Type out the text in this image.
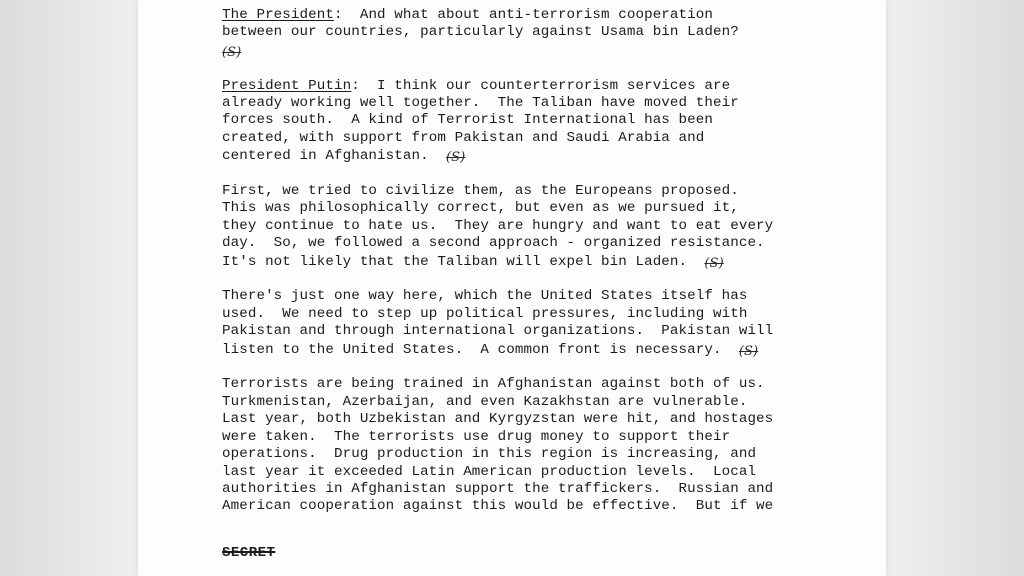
The President:  And what about anti-terrorism cooperation
between our countries, particularly against Usama bin Laden?
(S)

President Putin:  I think our counterterrorism services are
already working well together.  The Taliban have moved their
forces south.  A kind of Terrorist International has been
created, with support from Pakistan and Saudi Arabia and
centered in Afghanistan.  (S)

First, we tried to civilize them, as the Europeans proposed.
This was philosophically correct, but even as we pursued it,
they continue to hate us.  They are hungry and want to eat every
day.  So, we followed a second approach - organized resistance.
It's not likely that the Taliban will expel bin Laden.  (S)

There's just one way here, which the United States itself has
used.  We need to step up political pressures, including with
Pakistan and through international organizations.  Pakistan will
listen to the United States.  A common front is necessary.  (S)

Terrorists are being trained in Afghanistan against both of us.
Turkmenistan, Azerbaijan, and even Kazakhstan are vulnerable.
Last year, both Uzbekistan and Kyrgyzstan were hit, and hostages
were taken.  The terrorists use drug money to support their
operations.  Drug production in this region is increasing, and
last year it exceeded Latin American production levels.  Local
authorities in Afghanistan support the traffickers.  Russian and
American cooperation against this would be effective.  But if we

SECRET
